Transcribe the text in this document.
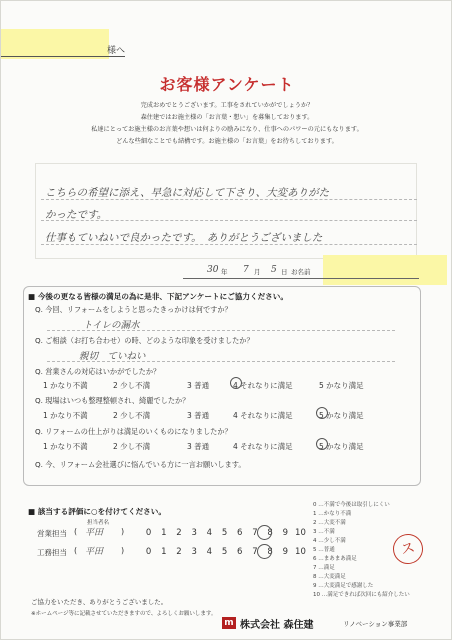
様へ
お客様アンケート
完成おめでとうございます。工事をされていかがでしょうか？
森住建ではお施主様の「お言葉・想い」を募集しております。
私達にとってお施主様のお言葉や想いは何よりの励みになり、仕事へのパワーの元にもなります。
どんな些細なことでも結構です。お施主様の「お言葉」をお待ちしております。
こちらの希望に添え、早急に対応して下さり、大変ありがた
かったです。
仕事もていねいで良かったです。　ありがとうございました
30 年 7 月 5 日 お名前
■ 今後の更なる皆様の満足の為に是非、下記アンケートにご協力ください。
Q. 今回、リフォームをしようと思ったきっかけは何ですか？
トイレの漏水
Q. ご相談（お打ち合わせ）の時、どのような印象を受けましたか？
親切　ていねい
Q. 営業さんの対応はいかがでしたか？
1 かなり不満	2 少し不満	3 普通	4 それなりに満足	5 かなり満足
Q. 現場はいつも整理整頓され、綺麗でしたか？
1 かなり不満	2 少し不満	3 普通	4 それなりに満足	5 かなり満足
Q. リフォームの仕上がりは満足のいくものになりましたか？
1 かなり不満	2 少し不満	3 普通	4 それなりに満足	5 かなり満足
Q. 今、リフォーム会社選びに悩んでいる方に一言お願いします。
■ 該当する評価に○を付けてください。
担当者名
営業担当 ( 平田 )	0 1 2 3 4 5 6 7 8 9 10
工務担当 ( 平田 )	0 1 2 3 4 5 6 7 8 9 10
0 …不満で今後は取引しにくい
1 …かなり不満
2 …大変不満
3 …不満
4 …少し不満
5 …普通
6 …まあまあ満足
7 …満足
8 …大変満足
9 …大変満足で感謝した
10 …満足できれば次回にも紹介したい
ス
ご協力をいただき、ありがとうございました。
※ホームページ等に記載させていただきますので、よろしくお願いします。
m 株式会社 森住建	リノベーション事業部
